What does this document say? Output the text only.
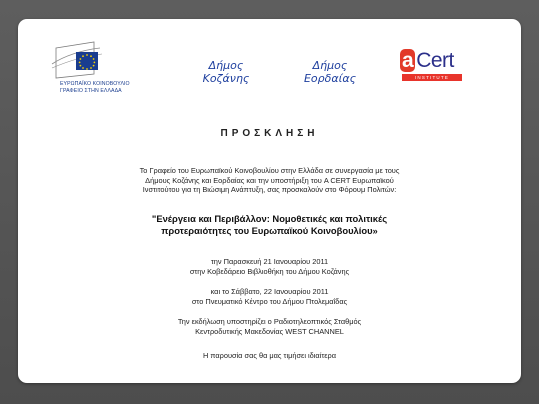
ΕΥΡΩΠΑΪΚΟ ΚΟΙΝΟΒΟΥΛΙΟ
ΓΡΑΦΕΙΟ ΣΤΗΝ ΕΛΛΑΔΑ
Δήμος
Κοζάνης
Δήμος
Εορδαίας
a Cert
INSTITUTE
ΠΡΟΣΚΛΗΣΗ
Το Γραφείο του Ευρωπαϊκού Κοινοβουλίου στην Ελλάδα σε συνεργασία με τους
Δήμους Κοζάνης και Εορδαίας και την υποστήριξη του A CERT Ευρωπαϊκού
Ινστιτούτου για τη Βιώσιμη Ανάπτυξη, σας προσκαλούν στο Φόρουμ Πολιτών:
"Ενέργεια και Περιβάλλον: Νομοθετικές και πολιτικές
προτεραιότητες του Ευρωπαϊκού Κοινοβουλίου»
την Παρασκευή 21 Ιανουαρίου 2011
στην Κοβεδάρειο Βιβλιοθήκη του Δήμου Κοζάνης
και το Σάββατο, 22 Ιανουαρίου 2011
στο Πνευματικό Κέντρο του Δήμου Πτολεμαΐδας
Την εκδήλωση υποστηρίζει ο Ραδιοτηλεοπτικός Σταθμός
Κεντροδυτικής Μακεδονίας WEST CHANNEL
Η παρουσία σας θα μας τιμήσει ιδιαίτερα
